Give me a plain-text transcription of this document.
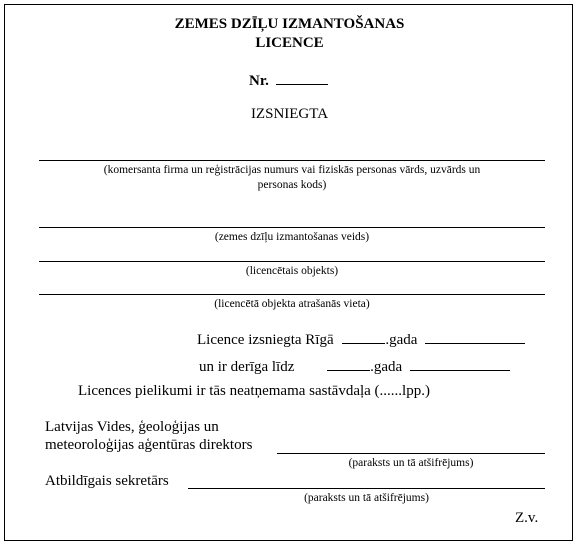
ZEMES DZĪĻU IZMANTOŠANAS
LICENCE
Nr.
IZSNIEGTA
(komersanta firma un reģistrācijas numurs vai fiziskās personas vārds, uzvārds un
personas kods)
(zemes dzīļu izmantošanas veids)
(licencētais objekts)
(licencētā objekta atrašanās vieta)
Licence izsniegta Rīgā	.gada
un ir derīga līdz	.gada
Licences pielikumi ir tās neatņemama sastāvdaļa (......lpp.)
Latvijas Vides, ģeoloģijas un
meteoroloģijas aģentūras direktors
(paraksts un tā atšifrējums)
Atbildīgais sekretārs
(paraksts un tā atšifrējums)
Z.v.
